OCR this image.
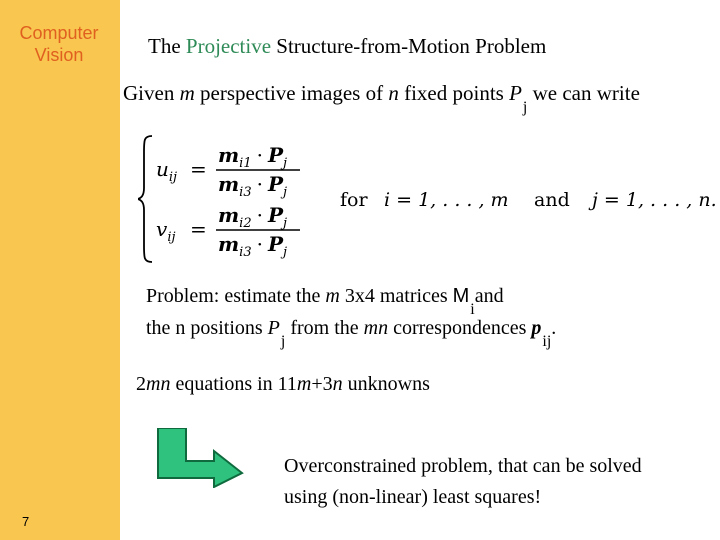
Computer
Vision
7
The Projective Structure-from-Motion Problem
Given m perspective images of n fixed points $P_j$ we can write
$u_{ij}$ =
$v_{ij}$ =
$m_{i1} \cdot P_j$
$m_{i3} \cdot P_j$
$m_{i2} \cdot P_j$
$m_{i3} \cdot P_j$
for i = 1, . . . , m and j = 1, . . . , n.
Problem: estimate the m 3x4 matrices $M_iand$
the n positions $P_j$ from the mn correspondences $p_{ij}$.
2mn equations in 11m+3n unknowns
Overconstrained problem, that can be solved
using (non-linear) least squares!
